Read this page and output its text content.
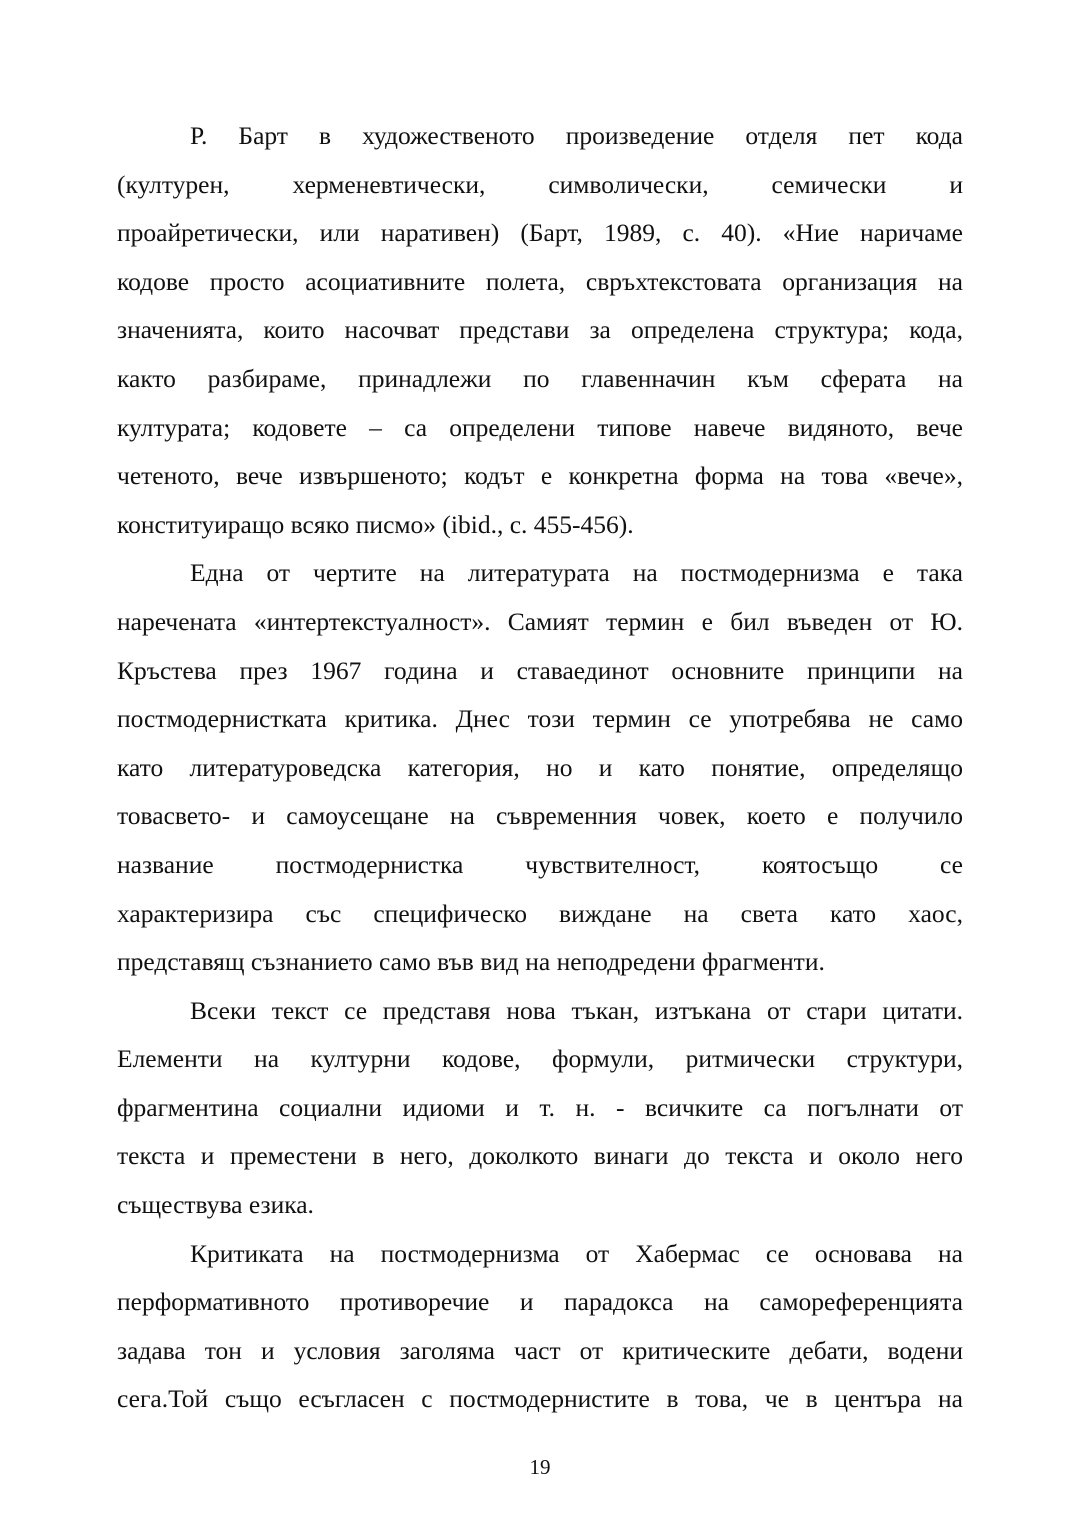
Р. Барт в художественото произведение отделя пет кода
(културен, херменевтически, символически, семически и
проайретически, или наративен) (Барт, 1989, с. 40). «Ние наричаме
кодове просто асоциативните полета, свръхтекстовата организация на
значенията, които насочват представи за определена структура; кода,
както разбираме, принадлежи по главенначин към сферата на
културата; кодовете – са определени типове навече видяното, вече
четеното, вече извършеното; кодът е конкретна форма на това «вече»,
конституиращо всяко писмо» (ibid., с. 455-456).
Една от чертите на литературата на постмодернизма е така
наречената «интертекстуалност». Самият термин е бил въведен от Ю.
Кръстева през 1967 година и ставаединот основните принципи на
постмодернистката критика. Днес този термин се употребява не само
като литературоведска категория, но и като понятие, определящо
товасвето- и самоусещане на съвременния човек, което е получило
название постмодернистка чувствителност, коятосъщо се
характеризира със специфическо виждане на света като хаос,
представящ съзнанието само във вид на неподредени фрагменти.
Всеки текст се представя нова тъкан, изтъкана от стари цитати.
Елементи на културни кодове, формули, ритмически структури,
фрагментина социални идиоми и т. н. - всичките са погълнати от
текста и преместени в него, доколкото винаги до текста и около него
съществува езика.
Критиката на постмодернизма от Хабермас се основава на
перформативното противоречие и парадокса на самореференцията
задава тон и условия заголяма част от критическите дебати, водени
сега.Той също есъгласен с постмодернистите в това, че в центъра на
19
